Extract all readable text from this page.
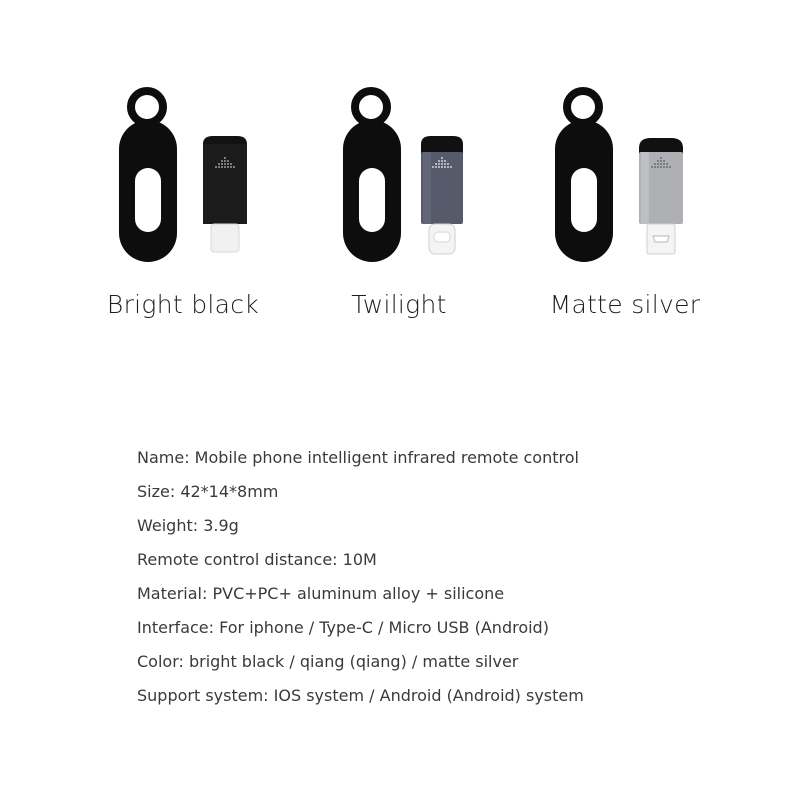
Bright black	Twilight	Matte silver
Name: Mobile phone intelligent infrared remote control
Size: 42*14*8mm
Weight: 3.9g
Remote control distance: 10M
Material: PVC+PC+ aluminum alloy + silicone
Interface: For iphone / Type-C / Micro USB (Android)
Color: bright black / qiang (qiang) / matte silver
Support system: IOS system / Android (Android) system
